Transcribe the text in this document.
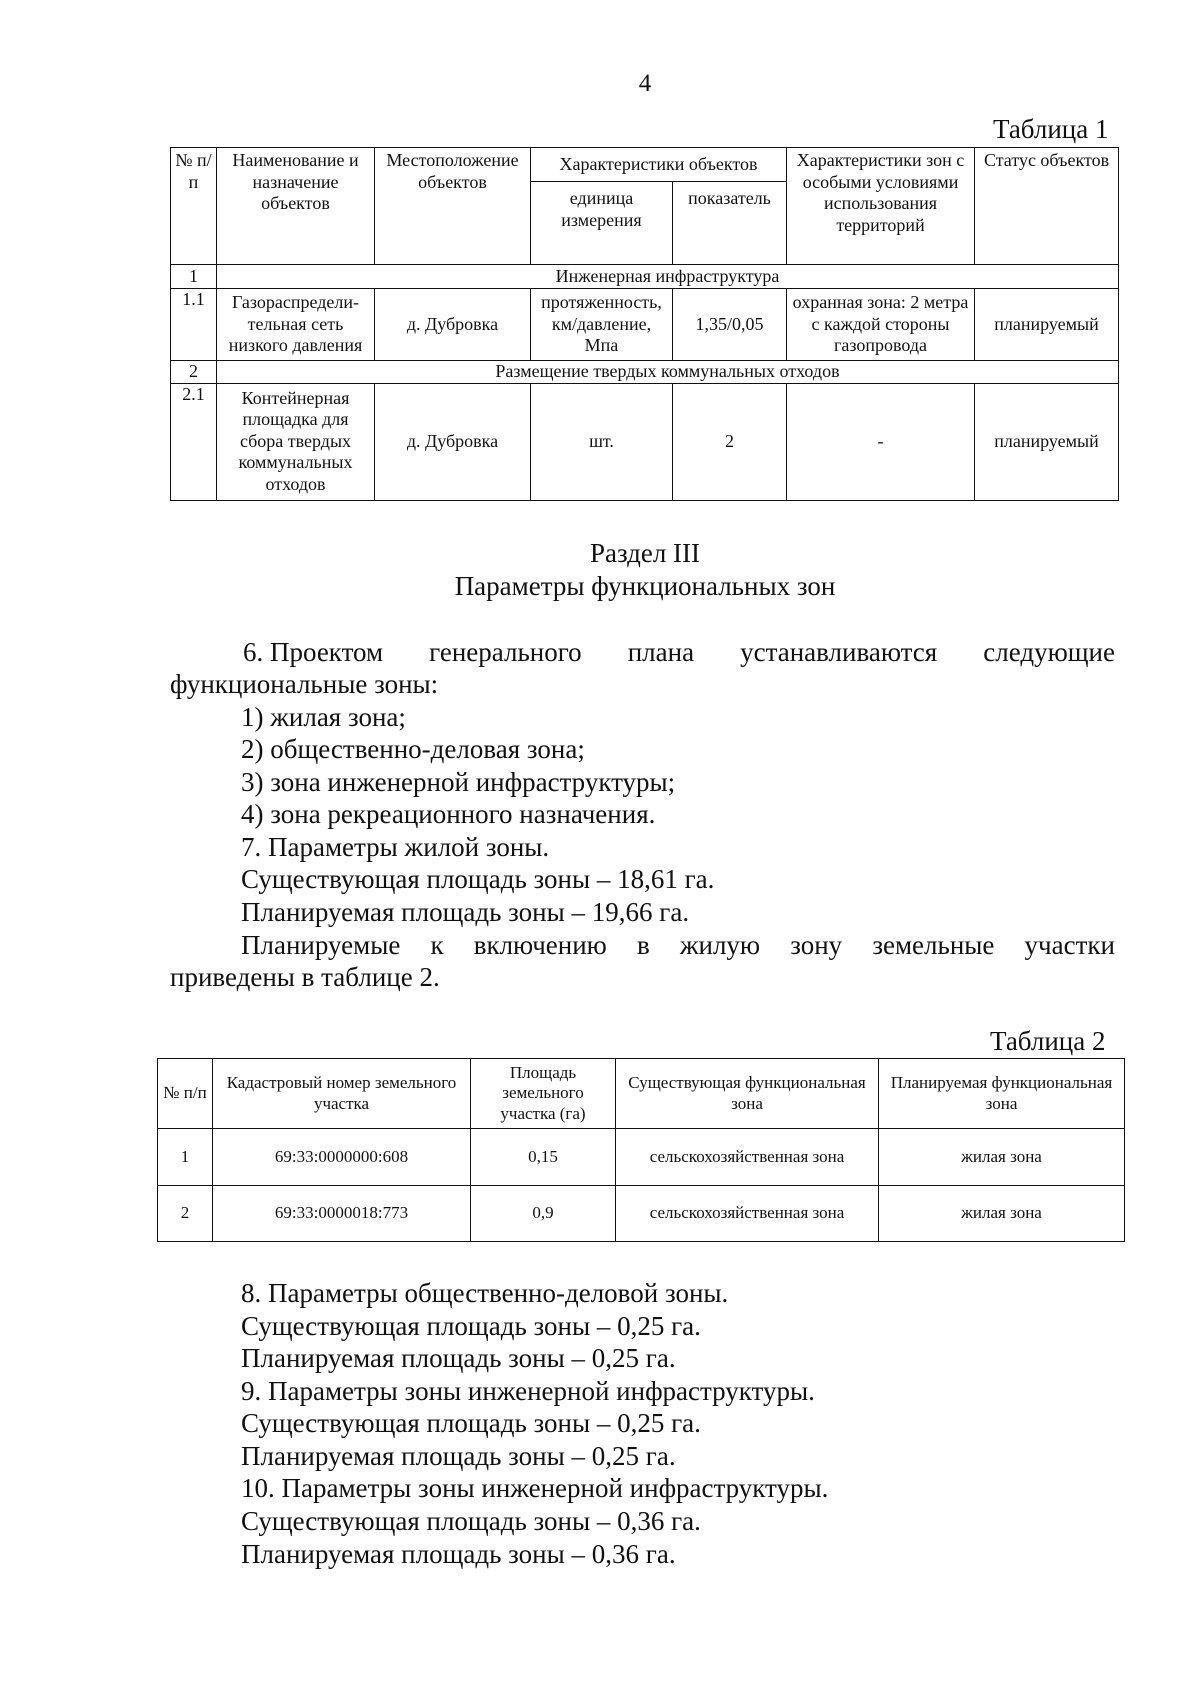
4
Таблица 1
№ п/п	Наименование и назначение объектов	Местоположение объектов	Характеристики объектов		Характеристики зон с особыми условиями использования территорий	Статус объектов
			единица измерения	показатель		
1	Инженерная инфраструктура					
1.1	Газораспредели-тельная сеть низкого давления	д. Дубровка	протяженность, км/давление, Мпа	1,35/0,05	охранная зона: 2 метра с каждой стороны газопровода	планируемый
2	Размещение твердых коммунальных отходов					
2.1	Контейнерная площадка для сбора твердых коммунальных отходов	д. Дубровка	шт.	2	-	планируемый
Раздел III
Параметры функциональных зон
6. Проектом генерального плана устанавливаются следующие
функциональные зоны:
1) жилая зона;
2) общественно-деловая зона;
3) зона инженерной инфраструктуры;
4) зона рекреационного назначения.
7. Параметры жилой зоны.
Существующая площадь зоны – 18,61 га.
Планируемая площадь зоны – 19,66 га.
Планируемые к включению в жилую зону земельные участки
приведены в таблице 2.
Таблица 2
№ п/п	Кадастровый номер земельного участка	Площадь земельного участка (га)	Существующая функциональная зона	Планируемая функциональная зона
1	69:33:0000000:608	0,15	сельскохозяйственная зона	жилая зона
2	69:33:0000018:773	0,9	сельскохозяйственная зона	жилая зона
8. Параметры общественно-деловой зоны.
Существующая площадь зоны – 0,25 га.
Планируемая площадь зоны – 0,25 га.
9. Параметры зоны инженерной инфраструктуры.
Существующая площадь зоны – 0,25 га.
Планируемая площадь зоны – 0,25 га.
10. Параметры зоны инженерной инфраструктуры.
Существующая площадь зоны – 0,36 га.
Планируемая площадь зоны – 0,36 га.
